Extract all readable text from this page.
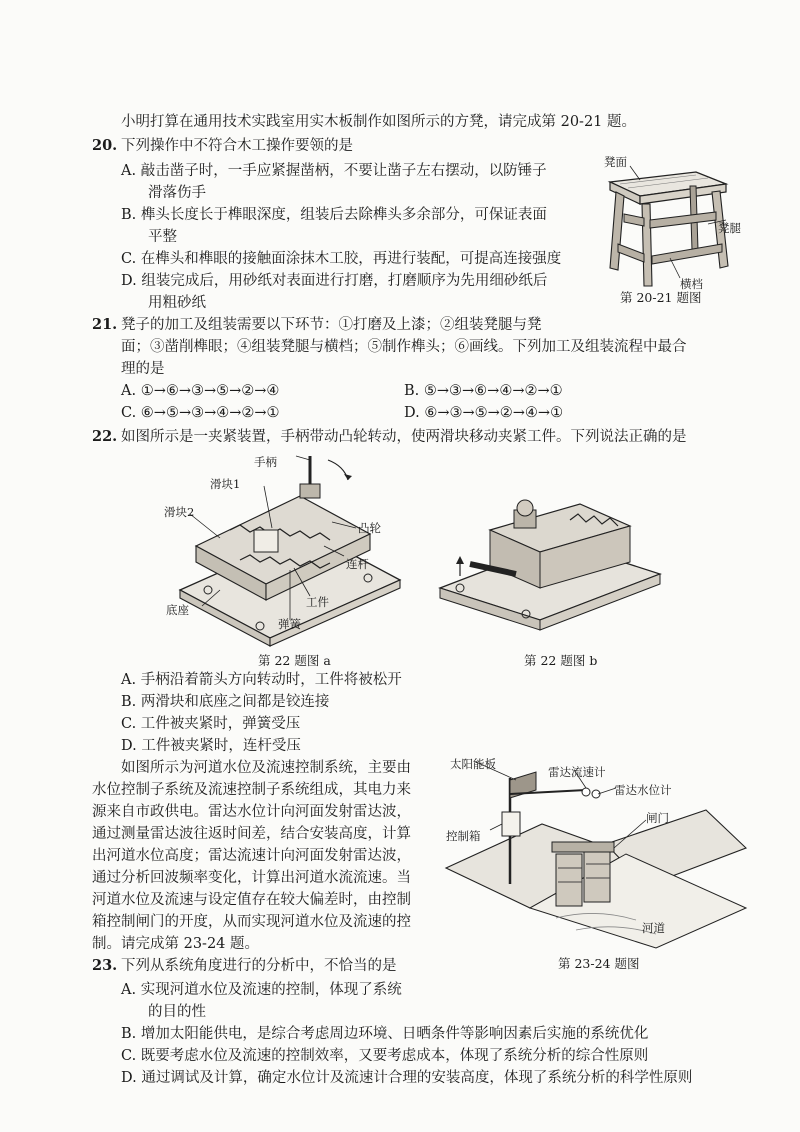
小明打算在通用技术实践室用实木板制作如图所示的方凳，请完成第 20-21 题。
20. 下列操作中不符合木工操作要领的是
A. 敲击凿子时，一手应紧握凿柄，不要让凿子左右摆动，以防锤子
滑落伤手
B. 榫头长度长于榫眼深度，组装后去除榫头多余部分，可保证表面
平整
C. 在榫头和榫眼的接触面涂抹木工胶，再进行装配，可提高连接强度
D. 组装完成后，用砂纸对表面进行打磨，打磨顺序为先用细砂纸后
用粗砂纸
凳面
凳腿
横档
第 20-21 题图
21. 凳子的加工及组装需要以下环节：①打磨及上漆；②组装凳腿与凳
面；③凿削榫眼；④组装凳腿与横档；⑤制作榫头；⑥画线。下列加工及组装流程中最合
理的是
A. ①→⑥→③→⑤→②→④	B. ⑤→③→⑥→④→②→①
C. ⑥→⑤→③→④→②→①	D. ⑥→③→⑤→②→④→①
22. 如图所示是一夹紧装置，手柄带动凸轮转动，使两滑块移动夹紧工件。下列说法正确的是
手柄
滑块1
滑块2
凸轮
连杆
工件
底座
弹簧
第 22 题图 a	第 22 题图 b
A. 手柄沿着箭头方向转动时，工件将被松开
B. 两滑块和底座之间都是铰连接
C. 工件被夹紧时，弹簧受压
D. 工件被夹紧时，连杆受压
如图所示为河道水位及流速控制系统，主要由
水位控制子系统及流速控制子系统组成，其电力来
源来自市政供电。雷达水位计向河面发射雷达波，
通过测量雷达波往返时间差，结合安装高度，计算
出河道水位高度；雷达流速计向河面发射雷达波，
通过分析回波频率变化，计算出河道水流流速。当
河道水位及流速与设定值存在较大偏差时，由控制
箱控制闸门的开度，从而实现河道水位及流速的控
制。请完成第 23-24 题。
太阳能板
雷达流速计
雷达水位计
控制箱
闸门
河道
第 23-24 题图
23. 下列从系统角度进行的分析中，不恰当的是
A. 实现河道水位及流速的控制，体现了系统
的目的性
B. 增加太阳能供电，是综合考虑周边环境、日晒条件等影响因素后实施的系统优化
C. 既要考虑水位及流速的控制效率，又要考虑成本，体现了系统分析的综合性原则
D. 通过调试及计算，确定水位计及流速计合理的安装高度，体现了系统分析的科学性原则
